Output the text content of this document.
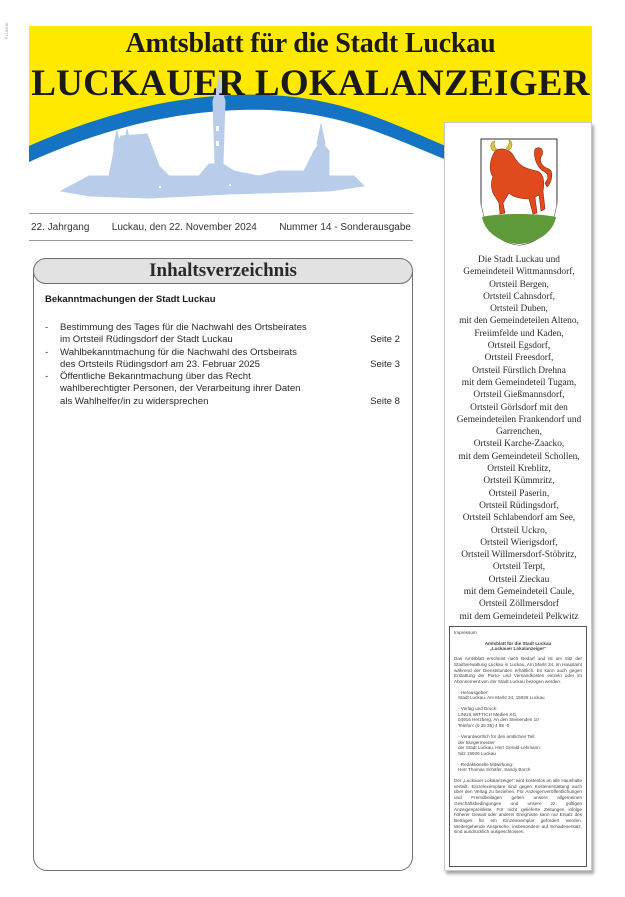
PLUBHE	Amtsblatt für die Stadt Luckau
LUCKAUER LOKALANZEIGER
22. Jahrgang Luckau, den 22. November 2024 Nummer 14 - Sonderausgabe
Inhaltsverzeichnis
Bekanntmachungen der Stadt Luckau
- Bestimmung des Tages für die Nachwahl des Ortsbeirates
im Ortsteil Rüdingsdorf der Stadt Luckau	Seite 2
- Wahlbekanntmachung für die Nachwahl des Ortsbeirats
des Ortsteils Rüdingsdorf am 23. Februar 2025	Seite 3
- Öffentliche Bekanntmachung über das Recht
wahlberechtigter Personen, der Verarbeitung ihrer Daten
als Wahlhelfer/in zu widersprechen	Seite 8
Die Stadt Luckau und
Gemeindeteil Wittmannsdorf,
Ortsteil Bergen,
Ortsteil Cahnsdorf,
Ortsteil Duben,
mit den Gemeindeteilen Alteno,
Freiimfelde und Kaden,
Ortsteil Egsdorf,
Ortsteil Freesdorf,
Ortsteil Fürstlich Drehna
mit dem Gemeindeteil Tugam,
Ortsteil Gießmannsdorf,
Ortsteil Görlsdorf mit den
Gemeindeteilen Frankendorf und
Garrenchen,
Ortsteil Karche-Zaacko,
mit dem Gemeindeteil Schollen,
Ortsteil Kreblitz,
Ortsteil Kümmritz,
Ortsteil Paserin,
Ortsteil Rüdingsdorf,
Ortsteil Schlabendorf am See,
Ortsteil Uckro,
Ortsteil Wierigsdorf,
Ortsteil Willmersdorf-Stöbritz,
Ortsteil Terpt,
Ortsteil Zieckau
mit dem Gemeindeteil Caule,
Ortsteil Zöllmersdorf
mit dem Gemeindeteil Pelkwitz
Impressum
Amtsblatt für die Stadt Luckau
„Luckauer Lokalanzeiger“
Das Amtsblatt erscheint nach Bedarf und ist am Sitz der Stadtverwaltung Luckau in Luckau, Am Markt 34, im Hauptamt während der Dienststunden erhältlich. Es kann auch gegen Erstattung der Porto- und Versandkosten einzeln oder im Abonnement von der Stadt Luckau bezogen werden.
- Herausgeber:
Stadt Luckau, Am Markt 34, 15926 Luckau
- Verlag und Druck:
LINUS WITTICH Medien KG,
04916 Herzberg, An den Steinenden 10
Telefon: (0 35 35) 4 89 -0
- Verantwortlich für den amtlichen Teil:
der Bürgermeister
der Stadt Luckau, Herr Gerald Lehmann,
Sitz 15926 Luckau
- Redaktionelle Mitwirkung:
Herr Thomas Schäfer, Sandy Borch
Der „Luckauer Lokalanzeiger“ wird kostenlos an alle Haushalte verteilt. Einzelexemplare sind gegen Kostenerstattung auch über den Verlag zu beziehen. Für Anzeigenveröffentlichungen und Fremdbeilagen gelten unsere allgemeinen Geschäftsbedingungen und unsere zz. gültigen Anzeigenpreisliste. Für nicht gelieferte Zeitungen infolge höherer Gewalt oder anderer Ereignisse kann nur Ersatz des Betrages für ein Einzelexemplar gefordert werden. Weitergehende Ansprüche, insbesondere auf Schadenersatz, sind ausdrücklich ausgeschlossen.
